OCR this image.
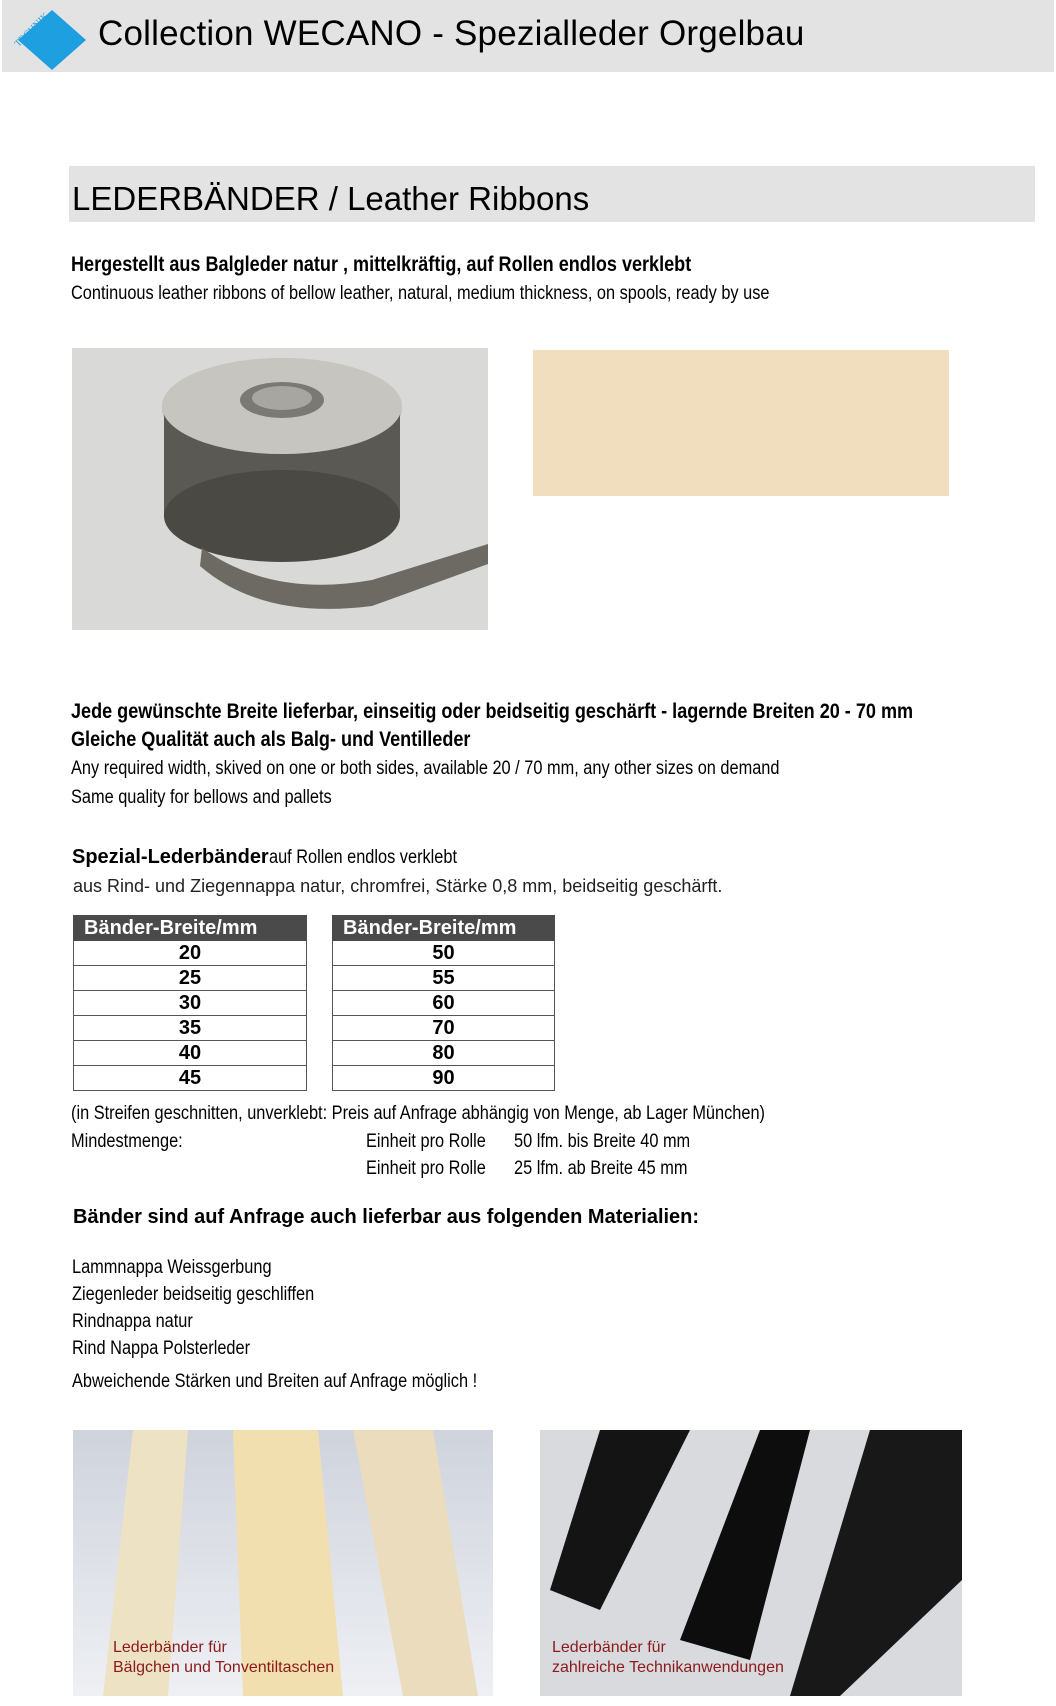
TECHNIK Collection WECANO - Spezialleder Orgelbau
LEDERBÄNDER / Leather Ribbons
Hergestellt aus Balgleder natur , mittelkräftig, auf Rollen endlos verklebt
Continuous leather ribbons of bellow leather, natural, medium thickness, on spools, ready by use
Jede gewünschte Breite lieferbar, einseitig oder beidseitig geschärft - lagernde Breiten 20 - 70 mm
Gleiche Qualität auch als Balg- und Ventilleder
Any required width, skived on one or both sides, available 20 / 70 mm, any other sizes on demand
Same quality for bellows and pallets
Spezial-Lederbänderauf Rollen endlos verklebt
aus Rind- und Ziegennappa natur, chromfrei, Stärke 0,8 mm, beidseitig geschärft.
Bänder-Breite/mm
20
25
30
35
40
45
Bänder-Breite/mm
50
55
60
70
80
90
(in Streifen geschnitten, unverklebt: Preis auf Anfrage abhängig von Menge, ab Lager München)
Mindestmenge:	Einheit pro Rolle 50 lfm. bis Breite 40 mm
Einheit pro Rolle 25 lfm. ab Breite 45 mm
Bänder sind auf Anfrage auch lieferbar aus folgenden Materialien:
Lammnappa Weissgerbung
Ziegenleder beidseitig geschliffen
Rindnappa natur
Rind Nappa Polsterleder
Abweichende Stärken und Breiten auf Anfrage möglich !
Lederbänder für
Bälgchen und Tonventiltaschen
Lederbänder für
zahlreiche Technikanwendungen
